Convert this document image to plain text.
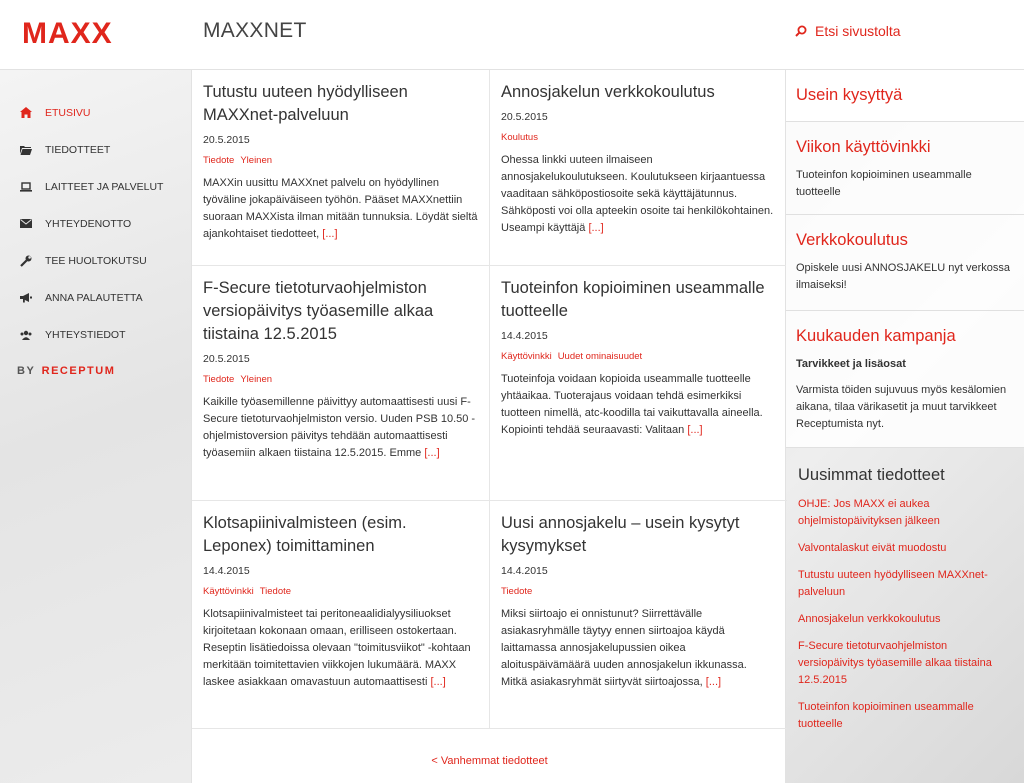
MAXX	MAXXNET	Etsi sivustolta
ETUSIVU
TIEDOTTEET
LAITTEET JA PALVELUT
YHTEYDENOTTO
TEE HUOLTOKUTSU
ANNA PALAUTETTA
YHTEYSTIEDOT
BY RECEPTUM
Tutustu uuteen hyödylliseen MAXXnet-palveluun
20.5.2015
Tiedote Yleinen

MAXXin uusittu MAXXnet palvelu on hyödyllinen työväline jokapäiväiseen työhön. Pääset MAXXnettiin suoraan MAXXista ilman mitään tunnuksia. Löydät sieltä ajankohtaiset tiedotteet, [...]

Annosjakelun verkkokoulutus
20.5.2015
Koulutus

Ohessa linkki uuteen ilmaiseen annosjakelukoulutukseen. Koulutukseen kirjaantuessa vaaditaan sähköpostiosoite sekä käyttäjätunnus. Sähköposti voi olla apteekin osoite tai henkilökohtainen. Useampi käyttäjä [...]

F-Secure tietoturvaohjelmiston versiopäivitys työasemille alkaa tiistaina 12.5.2015
20.5.2015
Tiedote Yleinen

Kaikille työasemillenne päivittyy automaattisesti uusi F-Secure tietoturvaohjelmiston versio. Uuden PSB 10.50 -ohjelmistoversion päivitys tehdään automaattisesti työasemiin alkaen tiistaina 12.5.2015. Emme [...]

Tuoteinfon kopioiminen useammalle tuotteelle
14.4.2015
Käyttövinkki Uudet ominaisuudet

Tuoteinfoja voidaan kopioida useammalle tuotteelle yhtäaikaa. Tuoterajaus voidaan tehdä esimerkiksi tuotteen nimellä, atc-koodilla tai vaikuttavalla aineella. Kopiointi tehdää seuraavasti: Valitaan [...]

Klotsapiinivalmisteen (esim. Leponex) toimittaminen
14.4.2015
Käyttövinkki Tiedote

Klotsapiinivalmisteet tai peritoneaalidialyysiliuokset kirjoitetaan kokonaan omaan, erilliseen ostokertaan. Reseptin lisätiedoissa olevaan "toimitusviikot" -kohtaan merkitään toimitettavien viikkojen lukumäärä. MAXX laskee asiakkaan omavastuun automaattisesti [...]

Uusi annosjakelu – usein kysytyt kysymykset
14.4.2015
Tiedote

Miksi siirtoajo ei onnistunut? Siirrettävälle asiakasryhmälle täytyy ennen siirtoajoa käydä laittamassa annosjakelupussien oikea aloituspäivämäärä uuden annosjakelun ikkunassa. Mitkä asiakasryhmät siirtyvät siirtoajossa, [...]

< Vanhemmat tiedotteet
Usein kysyttyä
Viikon käyttövinkki

Tuoteinfon kopioiminen useammalle tuotteelle

Verkkokoulutus

Opiskele uusi ANNOSJAKELU nyt verkossa ilmaiseksi!

Kuukauden kampanja

Tarvikkeet ja lisäosat

Varmista töiden sujuvuus myös kesälomien aikana, tilaa värikasetit ja muut tarvikkeet Receptumista nyt.

Uusimmat tiedotteet
OHJE: Jos MAXX ei aukea ohjelmistopäivityksen jälkeen
Valvontalaskut eivät muodostu
Tutustu uuteen hyödylliseen MAXXnet-palveluun
Annosjakelun verkkokoulutus
F-Secure tietoturvaohjelmiston versiopäivitys työasemille alkaa tiistaina 12.5.2015
Tuoteinfon kopioiminen useammalle tuotteelle
